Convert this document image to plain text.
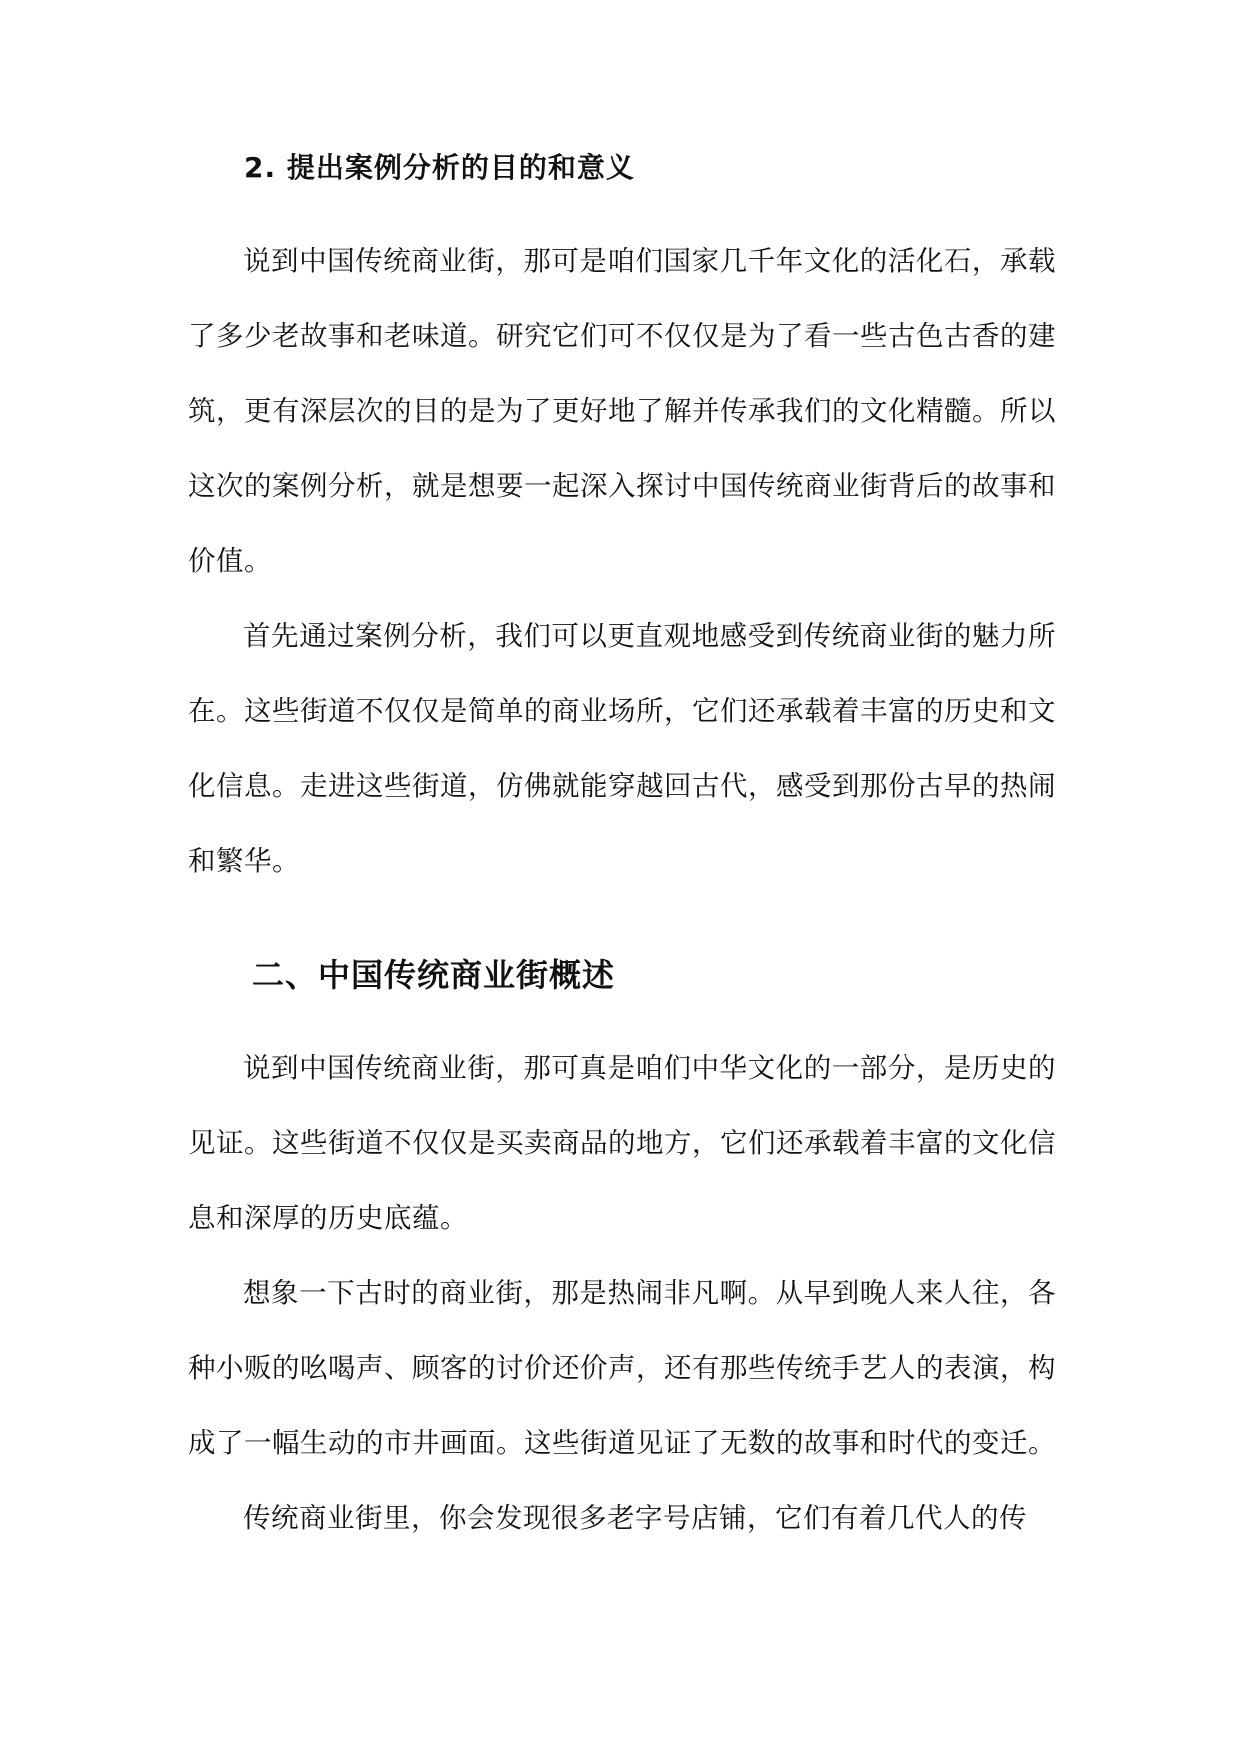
2. 提出案例分析的目的和意义

说到中国传统商业街，那可是咱们国家几千年文化的活化石，承载了多少老故事和老味道。研究它们可不仅仅是为了看一些古色古香的建筑，更有深层次的目的是为了更好地了解并传承我们的文化精髓。所以这次的案例分析，就是想要一起深入探讨中国传统商业街背后的故事和价值。

首先通过案例分析，我们可以更直观地感受到传统商业街的魅力所在。这些街道不仅仅是简单的商业场所，它们还承载着丰富的历史和文化信息。走进这些街道，仿佛就能穿越回古代，感受到那份古早的热闹和繁华。

二、中国传统商业街概述

说到中国传统商业街，那可真是咱们中华文化的一部分，是历史的见证。这些街道不仅仅是买卖商品的地方，它们还承载着丰富的文化信息和深厚的历史底蕴。

想象一下古时的商业街，那是热闹非凡啊。从早到晚人来人往，各种小贩的吆喝声、顾客的讨价还价声，还有那些传统手艺人的表演，构成了一幅生动的市井画面。这些街道见证了无数的故事和时代的变迁。

传统商业街里，你会发现很多老字号店铺，它们有着几代人的传
